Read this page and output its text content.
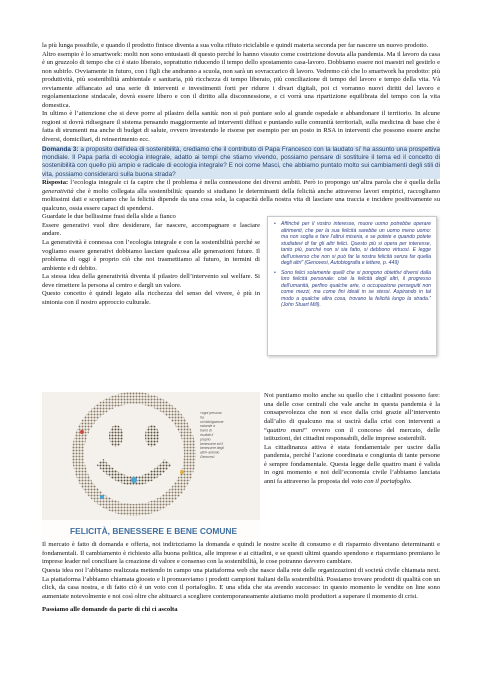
la più lunga possibile, e quando il prodotto finisce diventa a sua volta rifiuto riciclabile e quindi materia seconda per far nascere un nuovo prodotto.

Altro esempio è lo smartwork: molti non sono entusiasti di questo perché lo hanno vissuto come costrizione dovuta alla pandemia. Ma il lavoro da casa è un gruzzolo di tempo che ci è stato liberato, soprattutto riducendo il tempo dello spostamento casa-lavoro. Dobbiamo essere noi maestri nel gestirlo e non subirlo. Ovviamente in futuro, con i figli che andranno a scuola, non sarà un sovraccarico di lavoro. Vedremo ciò che lo smartwork ha prodotto: più produttività, più sostenibilità ambientale e sanitaria, più ricchezza di tempo liberato, più conciliazione di tempo del lavoro e tempo della vita. Và ovviamente affiancato ad una serie di interventi e investimenti forti per ridurre i divari digitali, poi ci vorranno nuovi diritti del lavoro e regolamentazione sindacale, dovrà essere libero e con il diritto alla disconnessione, e ci vorrà una ripartizione equilibrata del tempo con la vita domestica.

In ultimo è l’attenzione che si deve porre al pilastro della sanità: non si può puntare solo al grande ospedale e abbandonare il territorio. In alcune regioni si dovrà ridisegnare il sistema pensando maggiormente ad interventi diffusi e puntando sulle comunità territoriali, sulla medicina di base che è fatta di strumenti ma anche di budget di salute, ovvero investendo le risorse per esempio per un posto in RSA in interventi che possono essere anche diversi, domiciliari, di reinserimento ecc.

Domanda 3: a proposito dell’idea di sostenibilità, crediamo che il contributo di Papa Francesco con la laudato si’ ha assunto una prospettiva mondiale. Il Papa parla di ecologia integrale, adatto ai tempi che stiamo vivendo, possiamo pensare di sostituire il tema ed il concetto di sostenibilità con quello più ampio e radicale di ecologia integrale? E noi come Masci, che abbiamo puntato molto sui cambiamenti degli stili di vita, possiamo considerarci sulla buona strada?

Risposta: l’ecologia integrale ci fa capire che il problema è nella connessione dei diversi ambiti. Però io propongo un’altra parola che è quella della generatività che è molto collegata alla sostenibilità: quando si studiano le determinanti della felicità anche attraverso lavori empirici, raccogliamo moltissimi dati e scopriamo che la felicità dipende da una cosa sola, la capacità della nostra vita di lasciare una traccia e incidere positivamente su qualcuno, ossia essere capaci di spendersi.

Guardate le due bellissime frasi della slide a fianco

Essere generativi vuol dire desiderare, far nascere, accompagnare e lasciare andare.

La generatività è connessa con l’ecologia integrale e con la sostenibilità perché se vogliamo essere generativi dobbiamo lasciare qualcosa alle generazioni future. Il problema di oggi è proprio ciò che noi trasmettiamo al futuro, in termini di ambiente e di debito.

La stessa idea della generatività diventa il pilastro dell’intervento sul welfare. Si deve rimettere la persona al centro e dargli un valore.

Questo concetto è quindi legato alla ricchezza del senso del vivere, è più in sintonia con il nostro approccio culturale.

• Affinché per il vostro interesse, muore uomo potrebbe operare altrimenti, che per la sua felicità sarebbe un uomo meno uomo: ma non soglia e fare l’altrui miseria, e se potete e quando potete studiatevi di far gli altri felici. Questo più si opera per interesse, tanto più, purché non si sia fatto, si debbono virtuosi. E legge dell’universo che non si può far la nostra felicità senza far quella degli altri” (Genovesi, Autobiografia e lettere, p. 449)

• Sono felici solamente quelli che si pongono obiettivi diversi dalla loro felicità personale: cioè la felicità degli altri, il progresso dell’umanità, perfino qualche arte, o occupazione perseguiti non come mezzi, ma come fini ideali in se stessi. Aspirando in tal modo a qualche altra cosa, trovano la felicità lungo la strada.” (John Stuart Mill).

«ogni persona ha un’obbligazione naturale a trarre di risultati il proprio benessere ed il benessere degli altri» antonio Genovesi
FELICITÀ, BENESSERE E BENE COMUNE

Noi puntiamo molto anche su quello che i cittadini possono fare: una delle cose centrali che vale anche in questa pandemia è la consapevolezza che non si esce dalla crisi grazie all’intervento dall’alto di qualcuno ma si uscirà dalla crisi con interventi a “quattro mani” ovvero con il concorso del mercato, delle istituzioni, dei cittadini responsabili, delle imprese sostenibili.

La cittadinanza attiva è stata fondamentale per uscire dalla pandemia, perché l’azione coordinata e congiunta di tante persone è sempre fondamentale. Questa legge delle quattro mani è valida in ogni momento e noi dell’economia civile l’abbiamo lanciata anni fa attraverso la proposta del voto con il portafoglio.

Il mercato è fatto di domanda e offerta, noi indirizziamo la domanda e quindi le nostre scelte di consumo e di risparmio diventano determinanti e fondamentali. Il cambiamento è richiesto alla buona politica, alle imprese e ai cittadini, e se questi ultimi quando spendono e risparmiano premiano le imprese leader nel conciliare la creazione di valore e consenso con la sostenibilità, le cose potranno davvero cambiare.

Questa idea noi l’abbiamo realizzata mettendo in campo una piattaforma web che nasce dalla rete delle organizzazioni di società civile chiamata next. La piattaforma l’abbiamo chiamata gioosto e li promuoviamo i prodotti campioni italiani della sostenibilità. Possiamo trovare prodotti di qualità con un click, da casa nostra, e di fatto ciò è un voto con il portafoglio. E una sfida che sta avendo successo: in questo momento le vendite on line sono aumentate notevolmente e noi così oltre che abituarci a scegliere contemporaneamente aiutiamo molti produttori a superare il momento di crisi.

Passiamo alle domande da parte di chi ci ascolta
